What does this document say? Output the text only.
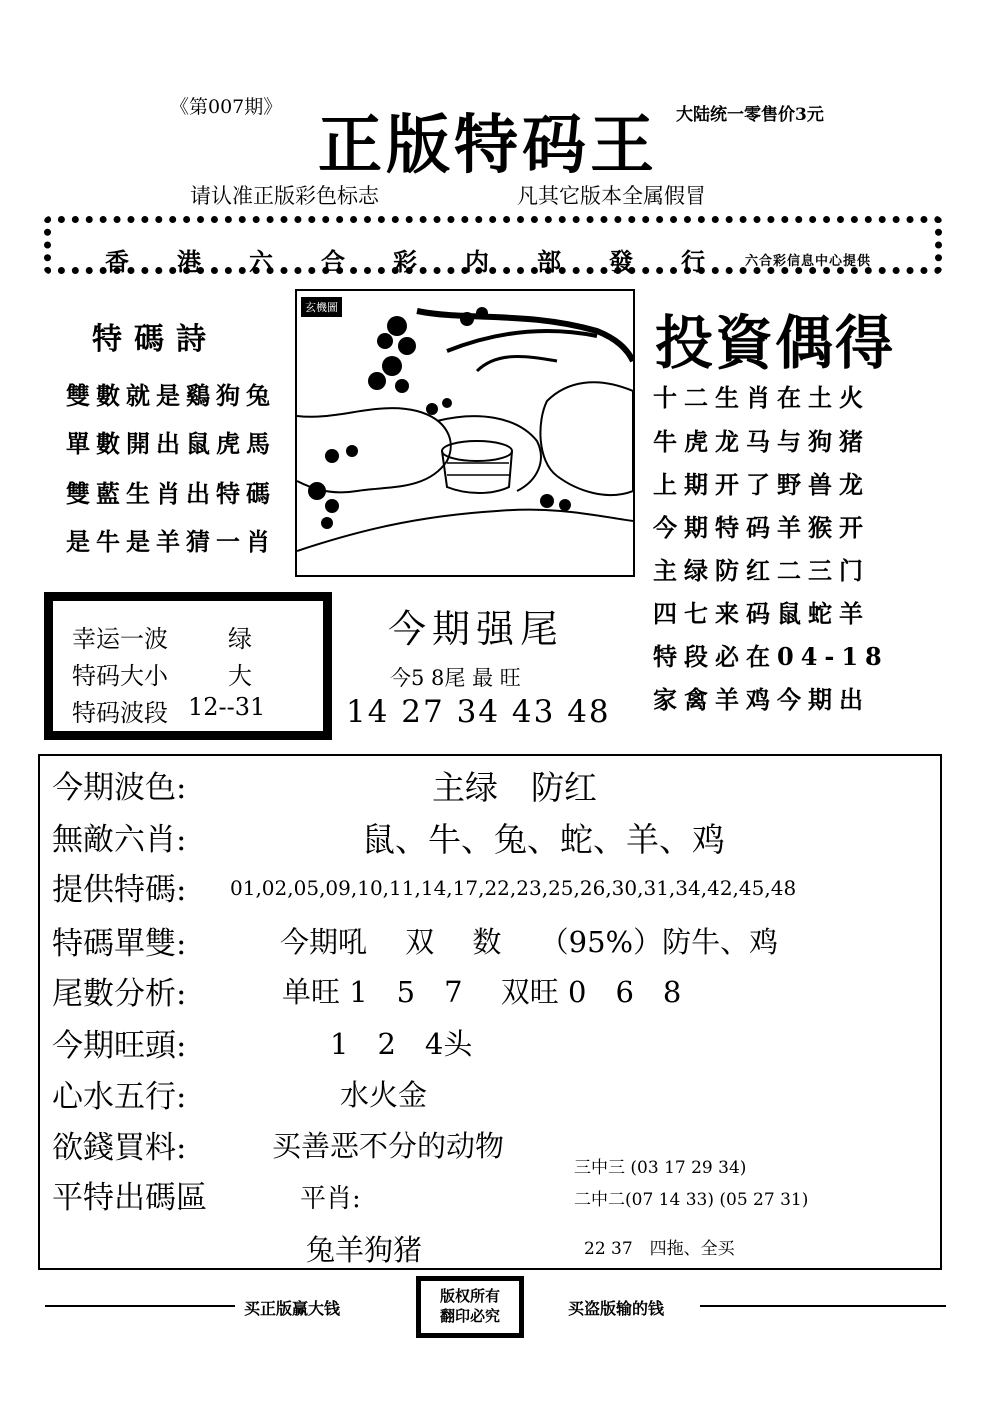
《第007期》
正版特码王 大陆统一零售价3元
请认准正版彩色标志	凡其它版本全属假冒
香港六合彩内部發行
六合彩信息中心提供
特碼詩
雙數就是鷄狗兔
單數開出鼠虎馬
雙藍生肖出特碼
是牛是羊猜一肖
玄機圖
投資偶得
十二生肖在土火
牛虎龙马与狗猪
上期开了野兽龙
今期特码羊猴开
主绿防红二三门
四七来码鼠蛇羊
特段必在04-18
家禽羊鸡今期出
幸运一波	绿
特码大小	大
特码波段 12--31
今期强尾
今5 8尾 最 旺
14 27 34 43 48
今期波色:	主绿　防红
無敵六肖:	鼠、牛、兔、蛇、羊、鸡
提供特碼: 01,02,05,09,10,11,14,17,22,23,25,26,30,31,34,42,45,48
特碼單雙:	今期吼　 双　 数　 （95%）防牛、鸡
尾數分析:	单旺 1　5　7　 双旺 0　6　8
今期旺頭:	1　2　4头
心水五行:	水火金
欲錢買料:	买善恶不分的动物
平特出碼區	平肖:
三中三 (03 17 29 34)
二中二(07 14 33) (05 27 31)
兔羊狗猪	22 37　四拖、全买
买正版赢大钱
版权所有
翻印必究	买盗版输的钱
